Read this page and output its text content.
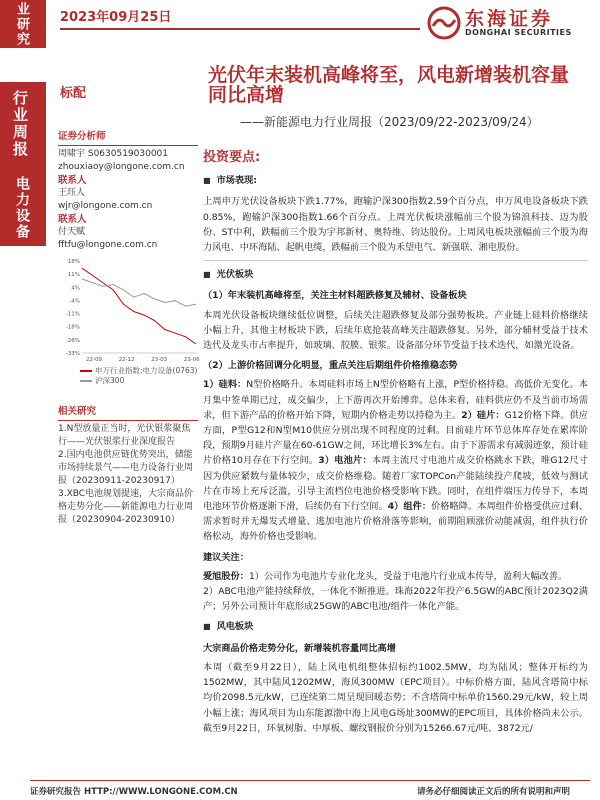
业研究
行业周报
电力设备
2023年09月25日	东海证券
DONGHAI SECURITIES
标配
光伏年末装机高峰将至，风电新增装机容量同比高增
——新能源电力行业周报（2023/09/22-2023/09/24）
证券分析师
周啸宇 S0630519030001
zhouxiaoy@longone.com.cn
联系人
王珏人
wjr@longone.com.cn
联系人
付天赋
fftfu@longone.com.cn
18%
11%
4%
-4%
-11%
-18%
-26%
-33%
22-09	22-12	23-03	23-06
申万行业指数:电力设备(0763)
沪深300
相关研究
1.N型放量正当时，光伏银浆聚焦行——光伏银浆行业深度报告
2.国内电池供应链优势突出，储能市场持续景气——电力设备行业周报（20230911-20230917）
3.XBC电池规划提速，大宗商品价格走势分化——新能源电力行业周报（20230904-20230910）
投资要点:
■ 市场表现:
上周申万光伏设备板块下跌1.77%，跑输沪深300指数2.59个百分点，申万风电设备板块下跌0.85%，跑输沪深300指数1.66个百分点。上周光伏板块涨幅前三个股为锦浪科技、迈为股份、ST中利，跌幅前三个股为宇邦新材、奥特维、钧达股份。上周风电板块涨幅前三个股为海力风电、中环海陆、起帆电缆，跌幅前三个股为禾望电气、新强联、湘电股份。
■ 光伏板块
（1）年末装机高峰将至，关注主材料超跌修复及辅材、设备板块
本周光伏设备板块继续低位调整，后续关注超跌修复及部分强势板块。产业链上硅料价格继续小幅上升，其他主材板块下跌，后续年底抢装高峰关注超跌修复。另外，部分辅材受益于技术迭代及龙头市占率提升，如玻璃、胶膜、银浆。设备部分环节受益于技术迭代，如激光设备。
（2）上游价格回调分化明显，重点关注后期组件价格推稳态势
1）硅料：N型价格略升。本周硅料市场上N型价格略有上涨，P型价格持稳。高低价无变化。本月集中签单期已过，成交偏少，上下游再次开始博弈。总体来看，硅料供应仍不及当前市场需求，但下游产品的价格开始下降，短期内价格走势以持稳为主。2）硅片：G12价格下降。供应方面，P型G12和N型M10供应分别出现不同程度的过剩。目前硅片环节总体库存处在累库阶段，预期9月硅片产量在60-61GW之间，环比增长3%左右。由于下游需求有减弱迹象，预计硅片价格10月存在下行空间。3）电池片：本周主流尺寸电池片成交价格跳水下跌，唯G12尺寸因为供应紧数与量体较少，成交价格维稳。随着厂家TOPCon产能陆续投产爬坡，低效与测试片在市场上充斥泛滥，引导主流档位电池价格受影响下跌。同时，在组件端压力传导下，本周电池环节价格逐渐下滑，后续仍有下行空间。4）组件：价格略降。本周组件价格受供应过剩、需求暂时并无爆发式增量、逃加电池片价格滑落等影响，前期阻顾涨价动能减弱，组件执行价格松动，海外价格也受影响。
建议关注：
爱旭股份：1）公司作为电池片专业化龙头，受益于电池片行业成本传导，盈利大幅改善。
2）ABC电池产能持续释放，一体化不断推进。珠海2022年投产6.5GW的ABC预计2023Q2满产；另外公司预计年底形成25GW的ABC电池/组件一体化产能。
■ 风电板块
大宗商品价格走势分化，新增装机容量同比高增
本周（截至9月22日），陆上风电机组整体招标约1002.5MW，均为陆风；整体开标约为1502MW，其中陆风1202MW，海风300MW（EPC项目）。中标价格方面，陆风含塔筒中标均价2098.5元/kW，已连续第二周呈现回暖态势；不含塔筒中标单价1560.29元/kW，较上周小幅上涨；海风项目为山东能源渤中海上风电G场址300MW的EPC项目，具体价格尚未公示。截至9月22日，环氧树脂、中厚板、螺纹钢报价分别为15266.67元/吨、3872元/
证券研究报告 HTTP://WWW.LONGONE.COM.CN	请务必仔细阅读正文后的所有说明和声明
